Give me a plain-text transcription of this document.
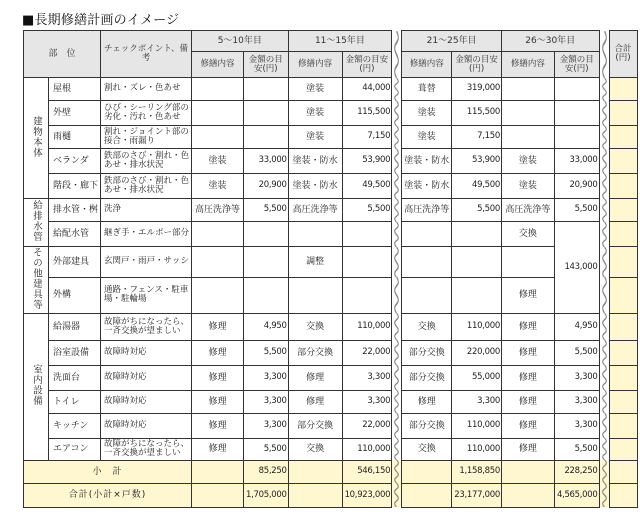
■長期修繕計画のイメージ
部　位		チェックポイント、備考	5～10年目		11～15年目			21～25年目		26～30年目			合計(円)
			修繕内容	金額の目安(円)	修繕内容	金額の目安(円)		修繕内容	金額の目安(円)	修繕内容	金額の目安(円)		
建物本体	屋根	割れ・ズレ・色あせ			塗装	44,000		葺替	319,000			

	外壁	ひび・シーリング部の劣化・汚れ・色あせ			塗装	115,500		塗装	115,500			

	雨樋	割れ・ジョイント部の接合・雨漏り			塗装	7,150		塗装	7,150			

	ベランダ	鉄部のさび・割れ・色あせ・排水状況	塗装	33,000	塗装・防水	53,900		塗装・防水	53,900	塗装	33,000	

	階段・廊下	鉄部のさび・割れ・色あせ・排水状況	塗装	20,900	塗装・防水	49,500		塗装・防水	49,500	塗装	20,900	

給排水管	排水管・桝	洗浄	高圧洗浄等	5,500	高圧洗浄等	5,500		高圧洗浄等	5,500	高圧洗浄等	5,500	

	給配水管	継ぎ手・エルボー部分								交換	143,000	

その他建具等	外部建具	玄関戸・雨戸・サッシ			調整		

	外構	通路・フェンス・駐車場・駐輪場								修理	

室内設備	給湯器	故障がちになったら、一斉交換が望ましい	修理	4,950	交換	110,000		交換	110,000	修理	4,950	

	浴室設備	故障時対応	修理	5,500	部分交換	22,000		部分交換	220,000	修理	5,500	

	洗面台	故障時対応	修理	3,300	修理	3,300		部分交換	55,000	修理	3,300	

	トイレ	故障時対応	修理	3,300	修理	3,300		修理	3,300	修理	3,300	

	キッチン	故障時対応	修理	3,300	部分交換	22,000		部分交換	110,000	修理	3,300	

	エアコン	故障がちになったら、一斉交換が望ましい	修理	5,500	交換	110,000		交換	110,000	修理	5,500	

小　計				85,250		546,150			1,158,850		228,250	

合計(小計×戸数)				1,705,000		10,923,000			23,177,000		4,565,000	
